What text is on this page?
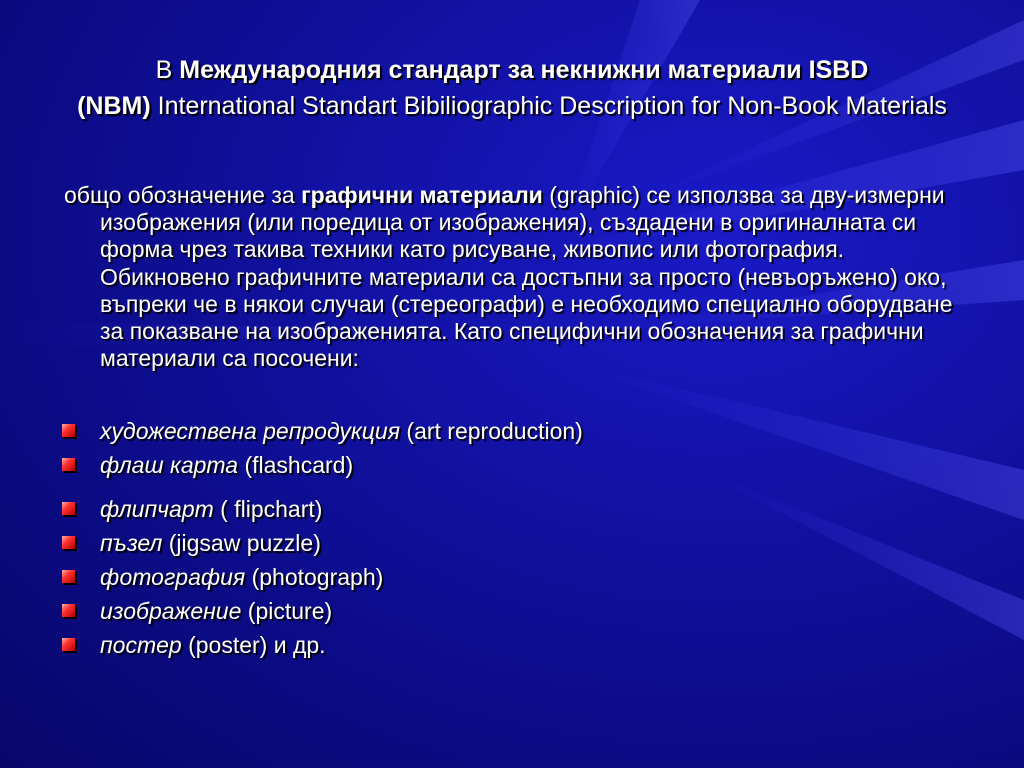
В Международния стандарт за некнижни материали ISBD
(NBM) International Standart Bibiliographic Description for Non-Book Materials
общо обозначение за графични материали (graphic) се използва за дву-измерни изображения (или поредица от изображения), създадени в оригиналната си форма чрез такива техники като рисуване, живопис или фотография. Обикновено графичните материали са достъпни за просто (невъоръжено) око, въпреки че в някои случаи (стереографи) е необходимо специално оборудване за показване на изображенията. Като специфични обозначения за графични материали са посочени:
художествена репродукция (art reproduction)
флаш карта (flashcard)
флипчарт ( flipchart)
пъзел (jigsaw puzzle)
фотография (photograph)
изображение (picture)
постер (poster) и др.
